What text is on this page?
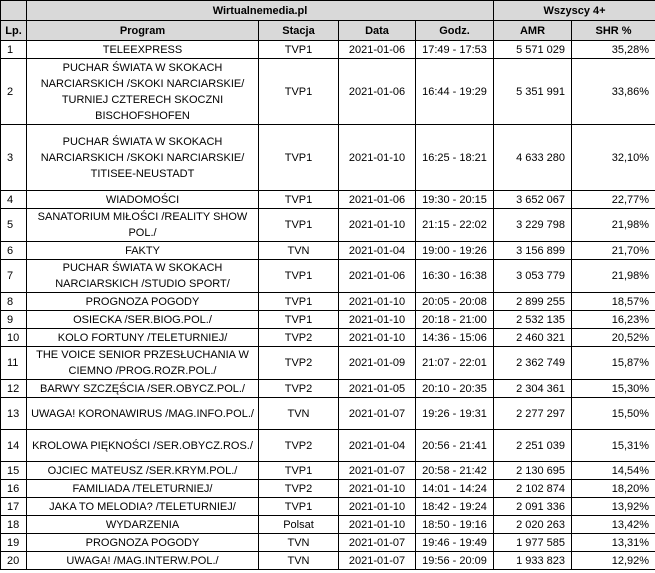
	Wirtualnemedia.pl				Wszyscy 4+	
Lp.	Program	Stacja	Data	Godz.	AMR	SHR %
1	TELEEXPRESS	TVP1	2021-01-06	17:49 - 17:53	5 571 029	35,28%
2	PUCHAR ŚWIATA W SKOKACH NARCIARSKICH /SKOKI NARCIARSKIE/ TURNIEJ CZTERECH SKOCZNI BISCHOFSHOFEN	TVP1	2021-01-06	16:44 - 19:29	5 351 991	33,86%
3	PUCHAR ŚWIATA W SKOKACH NARCIARSKICH /SKOKI NARCIARSKIE/ TITISEE-NEUSTADT	TVP1	2021-01-10	16:25 - 18:21	4 633 280	32,10%
4	WIADOMOŚCI	TVP1	2021-01-06	19:30 - 20:15	3 652 067	22,77%
5	SANATORIUM MIŁOŚCI /REALITY SHOW POL./	TVP1	2021-01-10	21:15 - 22:02	3 229 798	21,98%
6	FAKTY	TVN	2021-01-04	19:00 - 19:26	3 156 899	21,70%
7	PUCHAR ŚWIATA W SKOKACH NARCIARSKICH /STUDIO SPORT/	TVP1	2021-01-06	16:30 - 16:38	3 053 779	21,98%
8	PROGNOZA POGODY	TVP1	2021-01-10	20:05 - 20:08	2 899 255	18,57%
9	OSIECKA /SER.BIOG.POL./	TVP1	2021-01-10	20:18 - 21:00	2 532 135	16,23%
10	KOLO FORTUNY /TELETURNIEJ/	TVP2	2021-01-10	14:36 - 15:06	2 460 321	20,52%
11	THE VOICE SENIOR PRZESŁUCHANIA W CIEMNO /PROG.ROZR.POL./	TVP2	2021-01-09	21:07 - 22:01	2 362 749	15,87%
12	BARWY SZCZĘŚCIA /SER.OBYCZ.POL./	TVP2	2021-01-05	20:10 - 20:35	2 304 361	15,30%
13	UWAGA! KORONAWIRUS /MAG.INFO.POL./	TVN	2021-01-07	19:26 - 19:31	2 277 297	15,50%
14	KROLOWA PIĘKNOŚCI /SER.OBYCZ.ROS./	TVP2	2021-01-04	20:56 - 21:41	2 251 039	15,31%
15	OJCIEC MATEUSZ /SER.KRYM.POL./	TVP1	2021-01-07	20:58 - 21:42	2 130 695	14,54%
16	FAMILIADA /TELETURNIEJ/	TVP2	2021-01-10	14:01 - 14:24	2 102 874	18,20%
17	JAKA TO MELODIA? /TELETURNIEJ/	TVP1	2021-01-10	18:42 - 19:24	2 091 336	13,92%
18	WYDARZENIA	Polsat	2021-01-10	18:50 - 19:16	2 020 263	13,42%
19	PROGNOZA POGODY	TVN	2021-01-07	19:46 - 19:49	1 977 585	13,31%
20	UWAGA! /MAG.INTERW.POL./	TVN	2021-01-07	19:56 - 20:09	1 933 823	12,92%
